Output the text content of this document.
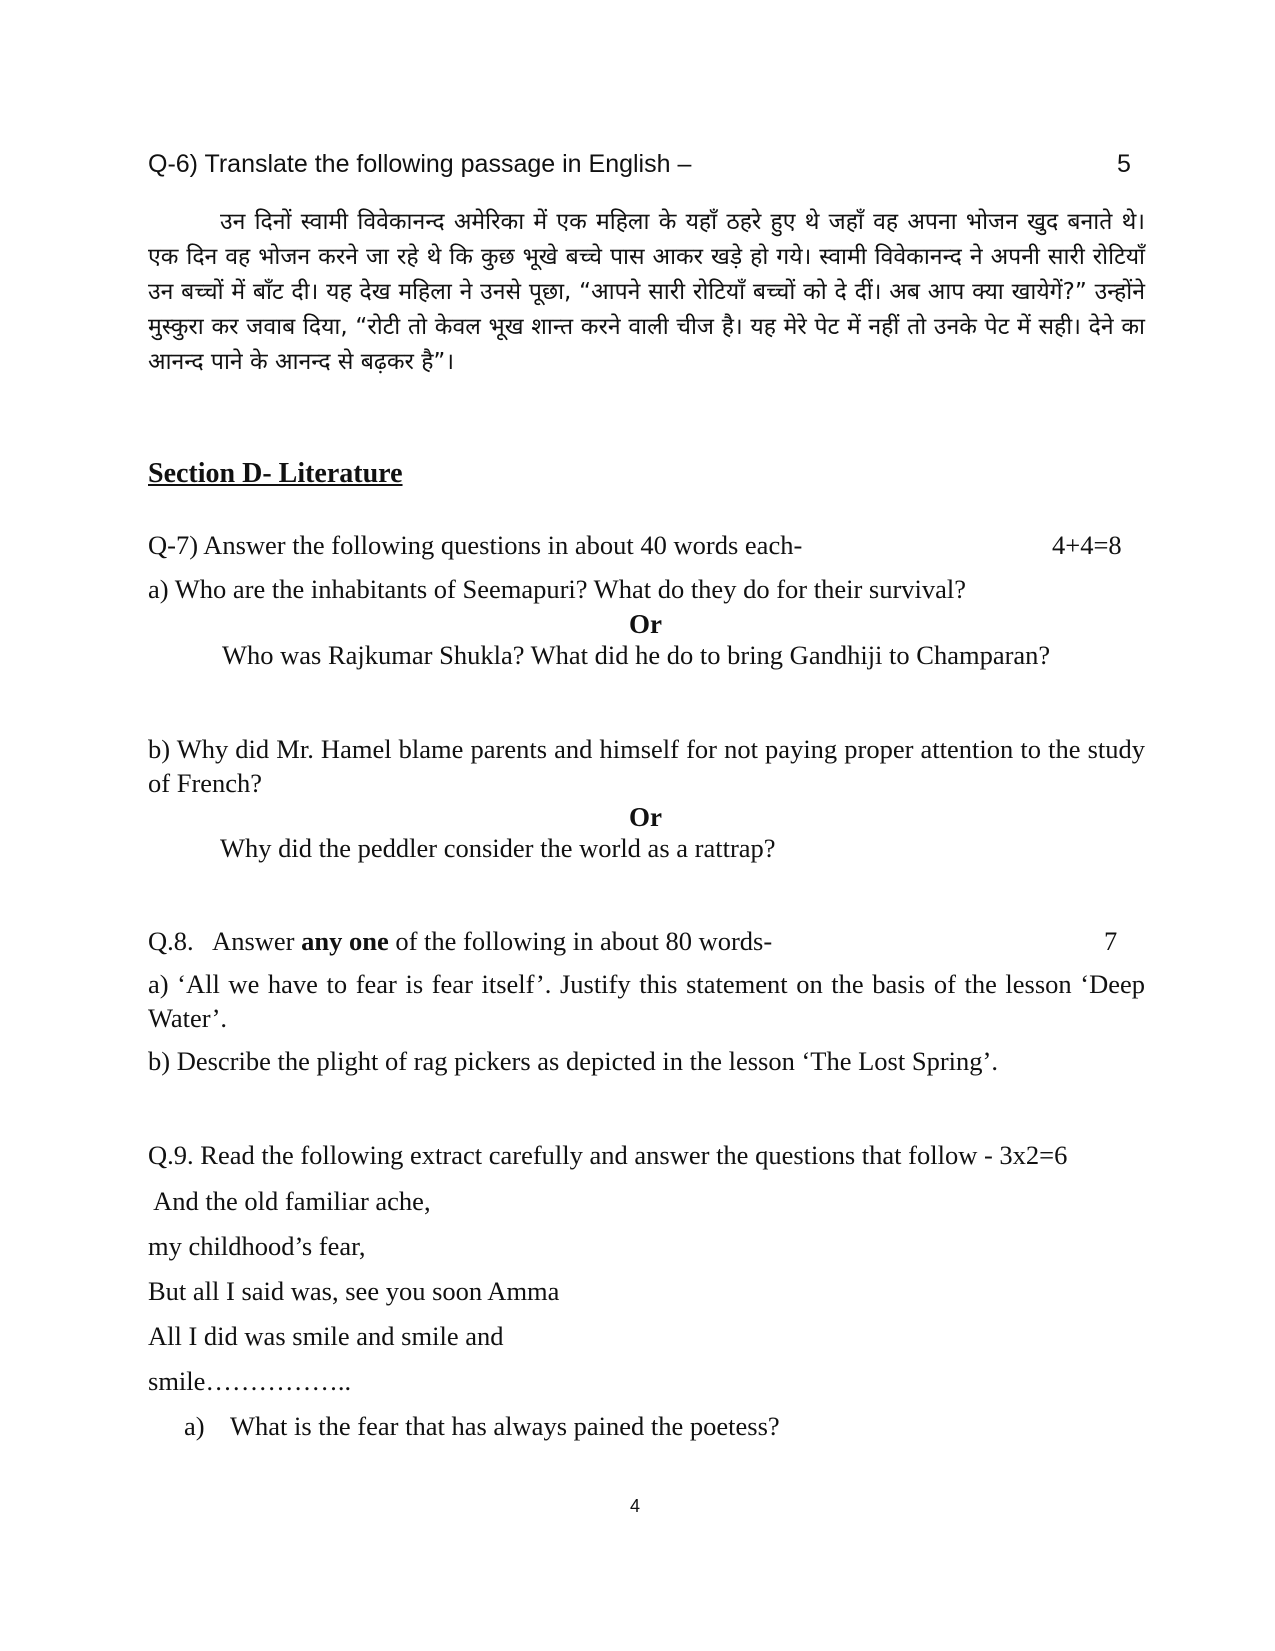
Q-6) Translate the following passage in English –	5
उन दिनों स्वामी विवेकानन्द अमेरिका में एक महिला के यहाँ ठहरे हुए थे जहाँ वह अपना भोजन खुद बनाते थे। एक दिन वह भोजन करने जा रहे थे कि कुछ भूखे बच्चे पास आकर खड़े हो गये। स्वामी विवेकानन्द ने अपनी सारी रोटियाँ उन बच्चों में बाँट दी। यह देख महिला ने उनसे पूछा, “आपने सारी रोटियाँ बच्चों को दे दीं। अब आप क्या खायेगें?” उन्होंने मुस्कुरा कर जवाब दिया, “रोटी तो केवल भूख शान्त करने वाली चीज है। यह मेरे पेट में नहीं तो उनके पेट में सही। देने का आनन्द पाने के आनन्द से बढ़कर है”।
Section D- Literature
Q-7) Answer the following questions in about 40 words each-	4+4=8
a) Who are the inhabitants of Seemapuri? What do they do for their survival?
Or
Who was Rajkumar Shukla? What did he do to bring Gandhiji to Champaran?
b) Why did Mr. Hamel blame parents and himself for not paying proper attention to the study of French?
Or
Why did the peddler consider the world as a rattrap?
Q.8.   Answer any one of the following in about 80 words-	7
a) ‘All we have to fear is fear itself’. Justify this statement on the basis of the lesson ‘Deep Water’.
b) Describe the plight of rag pickers as depicted in the lesson ‘The Lost Spring’.
Q.9. Read the following extract carefully and answer the questions that follow - 3x2=6
And the old familiar ache,
my childhood’s fear,
But all I said was, see you soon Amma
All I did was smile and smile and
smile……………..
a) What is the fear that has always pained the poetess?
4
